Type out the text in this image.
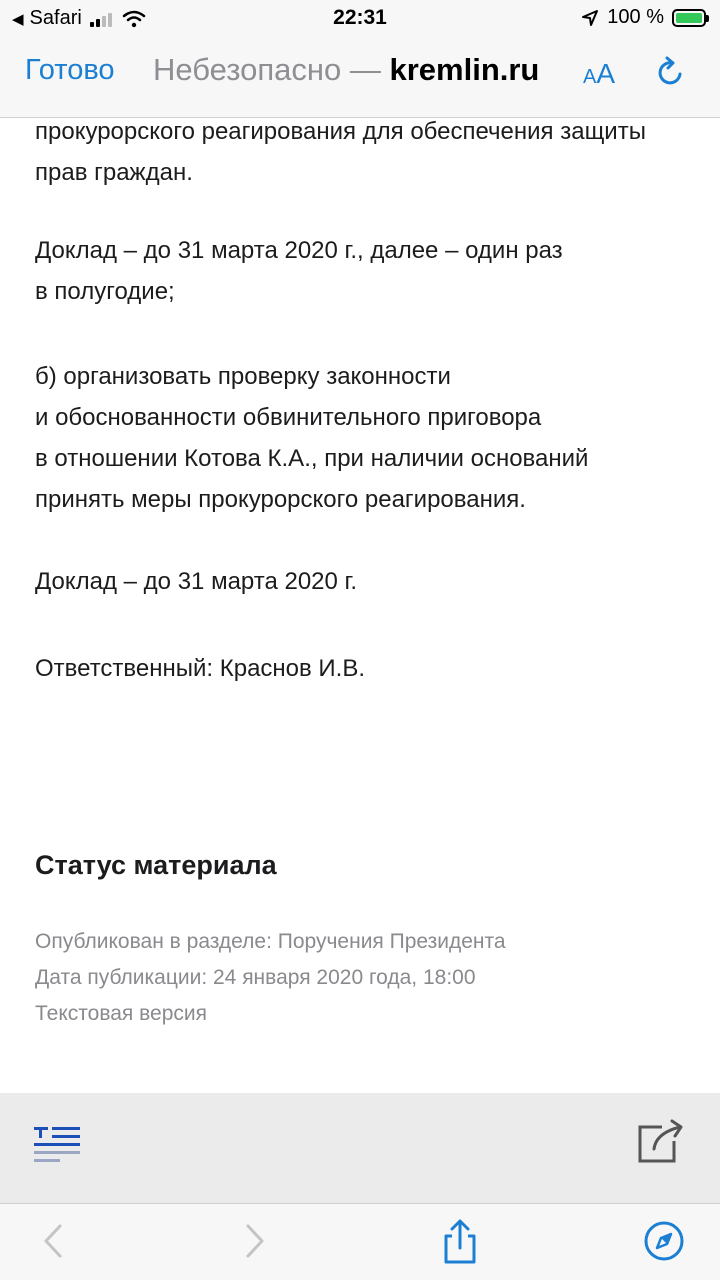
◀ Safari	22:31	100 %
Готово Небезопасно — kremlin.ru AA
прокурорского реагирования для обеспечения защиты
прав граждан.
Доклад – до 31 марта 2020 г., далее – один раз
в полугодие;
б) организовать проверку законности
и обоснованности обвинительного приговора
в отношении Котова К.А., при наличии оснований
принять меры прокурорского реагирования.
Доклад – до 31 марта 2020 г.
Ответственный: Краснов И.В.
Статус материала
Опубликован в разделе: Поручения Президента
Дата публикации: 24 января 2020 года, 18:00
Текстовая версия
